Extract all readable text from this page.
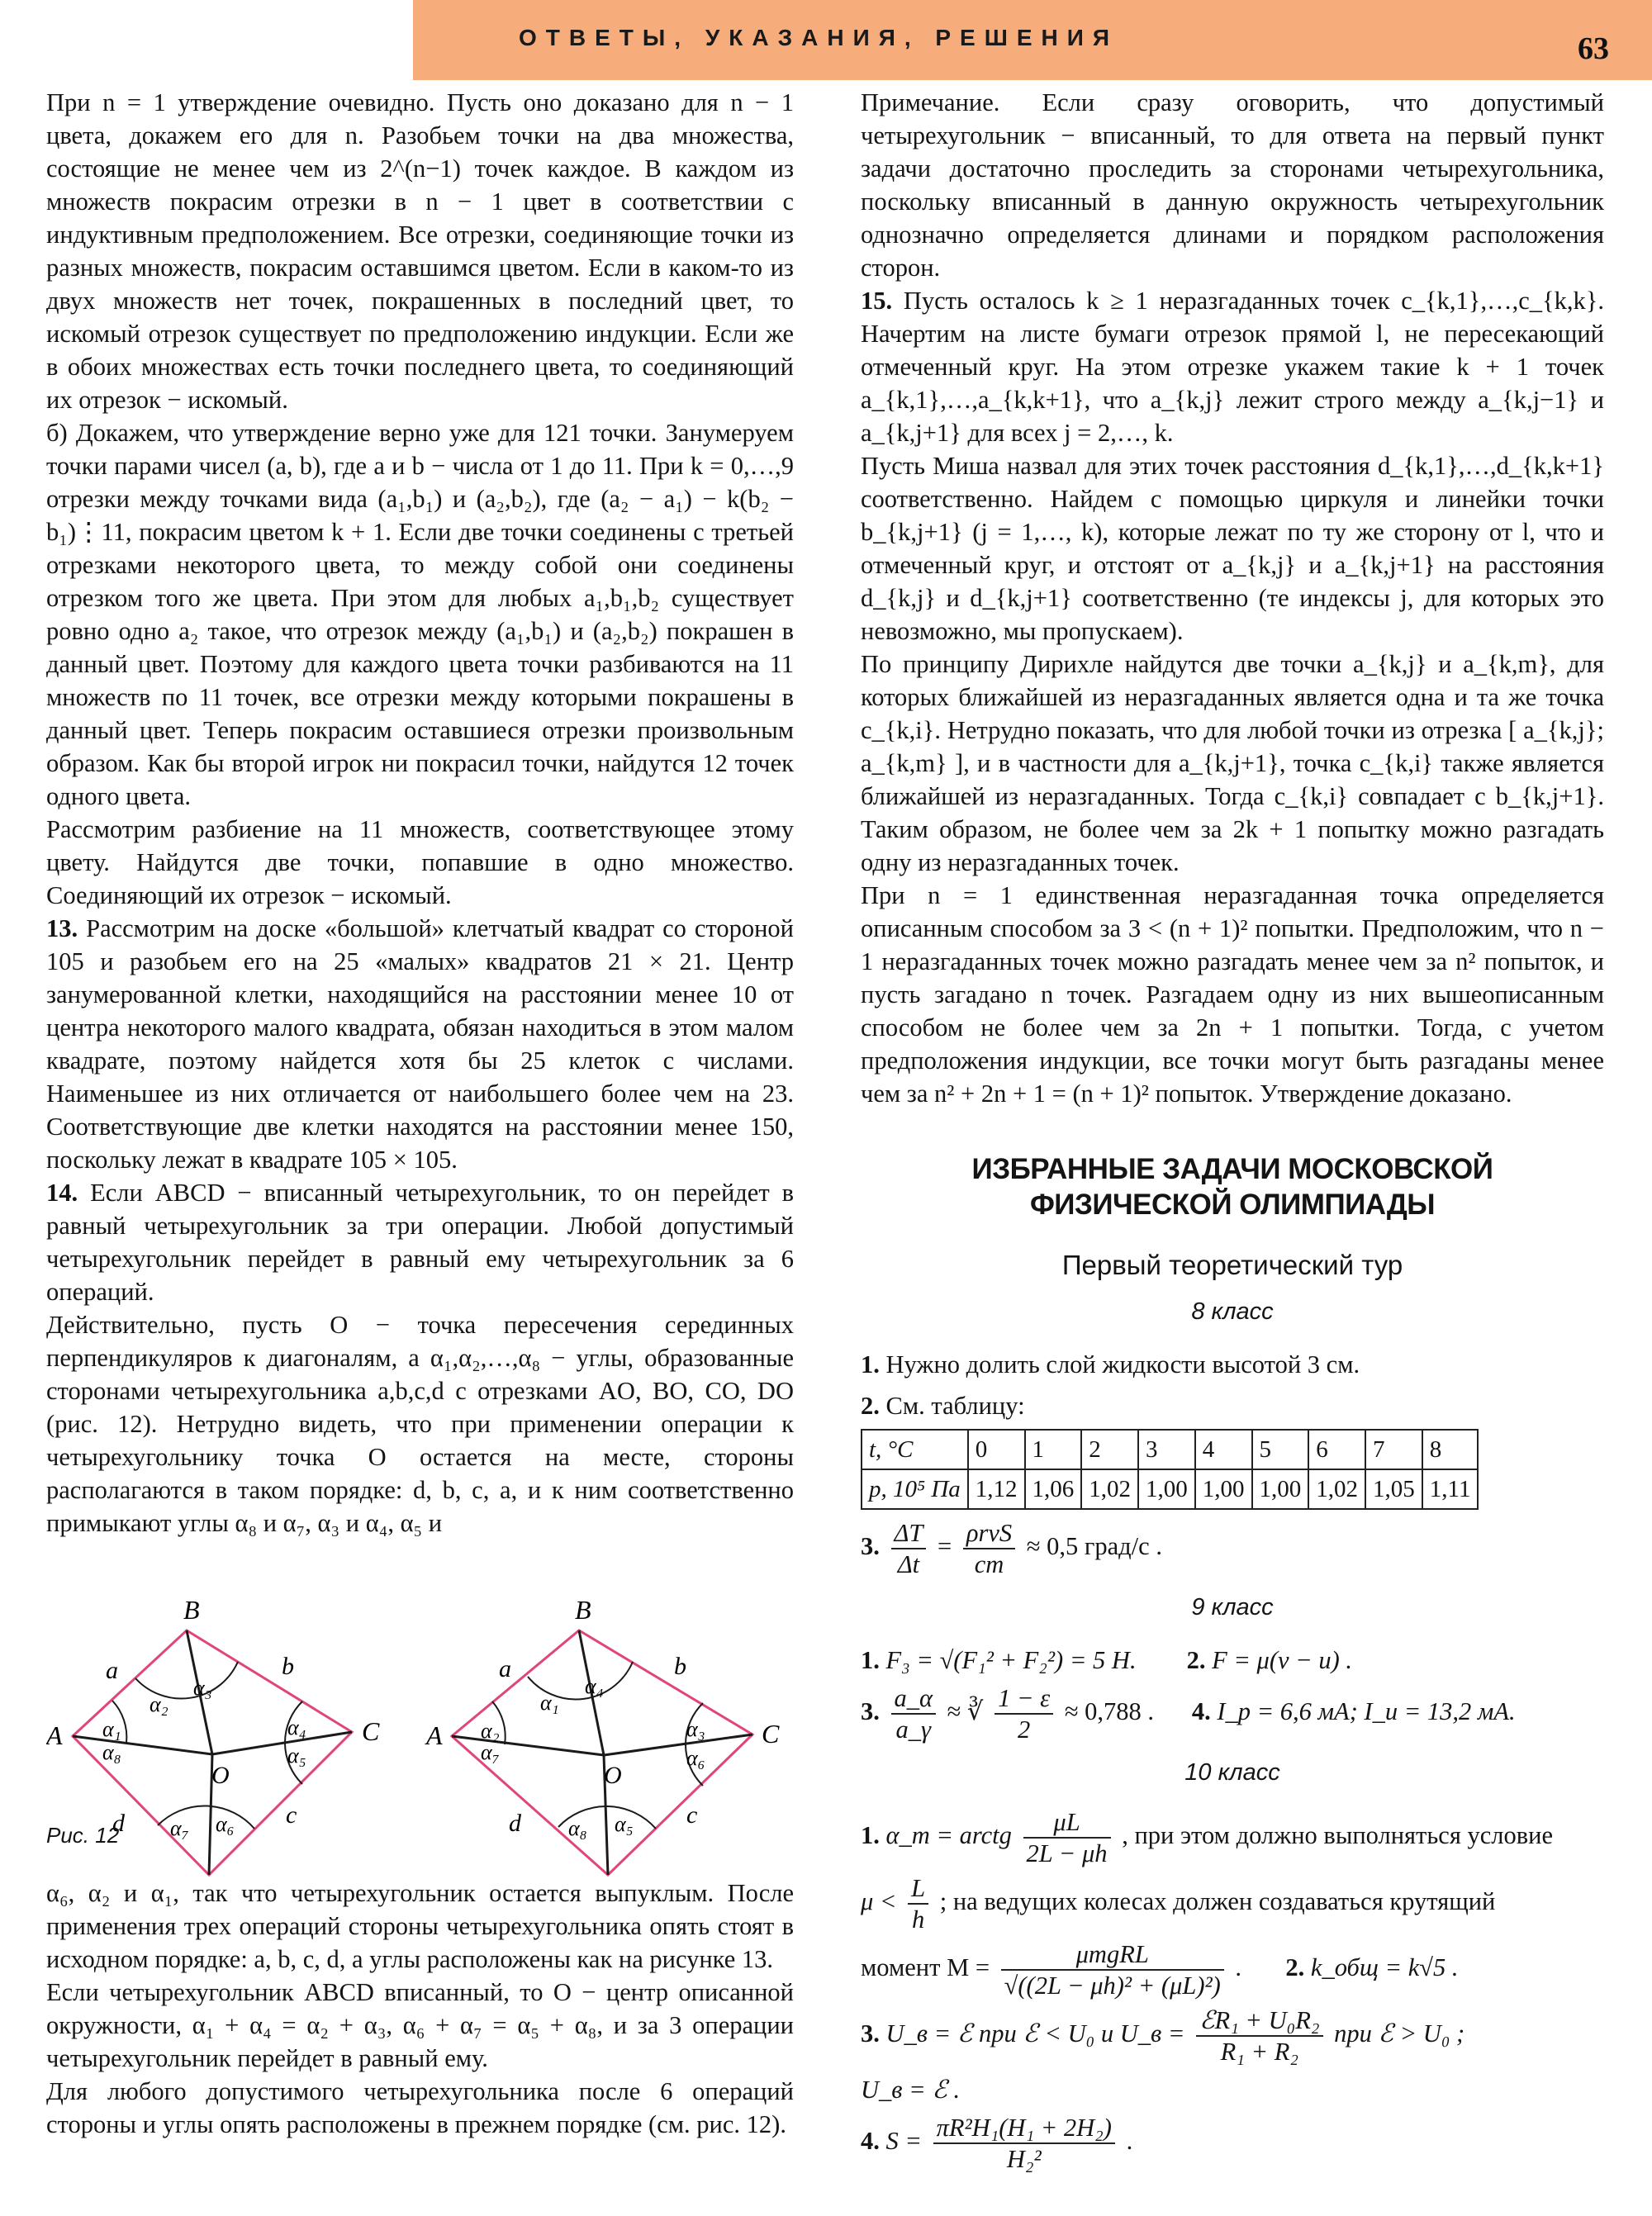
ОТВЕТЫ, УКАЗАНИЯ, РЕШЕНИЯ	63

При n = 1 утверждение очевидно. Пусть оно доказано для n − 1 цвета, докажем его для n. Разобьем точки на два множества, состоящие не менее чем из 2^(n−1) точек каждое. В каждом из множеств покрасим отрезки в n − 1 цвет в соответствии с индуктивным предположением. Все отрезки, соединяющие точки из разных множеств, покрасим оставшимся цветом. Если в каком-то из двух множеств нет точек, покрашенных в последний цвет, то искомый отрезок существует по предположению индукции. Если же в обоих множествах есть точки последнего цвета, то соединяющий их отрезок − искомый.

б) Докажем, что утверждение верно уже для 121 точки. Занумеруем точки парами чисел (a, b), где a и b − числа от 1 до 11. При k = 0,…,9 отрезки между точками вида (a₁,b₁) и (a₂,b₂), где (a₂ − a₁) − k(b₂ − b₁)⋮11, покрасим цветом k + 1. Если две точки соединены с третьей отрезками некоторого цвета, то между собой они соединены отрезком того же цвета. При этом для любых a₁,b₁,b₂ существует ровно одно a₂ такое, что отрезок между (a₁,b₁) и (a₂,b₂) покрашен в данный цвет. Поэтому для каждого цвета точки разбиваются на 11 множеств по 11 точек, все отрезки между которыми покрашены в данный цвет. Теперь покрасим оставшиеся отрезки произвольным образом. Как бы второй игрок ни покрасил точки, найдутся 12 точек одного цвета.

Рассмотрим разбиение на 11 множеств, соответствующее этому цвету. Найдутся две точки, попавшие в одно множество. Соединяющий их отрезок − искомый.

13. Рассмотрим на доске «большой» клетчатый квадрат со стороной 105 и разобьем его на 25 «малых» квадратов 21 × 21. Центр занумерованной клетки, находящийся на расстоянии менее 10 от центра некоторого малого квадрата, обязан находиться в этом малом квадрате, поэтому найдется хотя бы 25 клеток с числами. Наименьшее из них отличается от наибольшего более чем на 23. Соответствующие две клетки находятся на расстоянии менее 150, поскольку лежат в квадрате 105 × 105.

14. Если ABCD − вписанный четырехугольник, то он перейдет в равный четырехугольник за три операции. Любой допустимый четырехугольник перейдет в равный ему четырехугольник за 6 операций.

Действительно, пусть O − точка пересечения серединных перпендикуляров к диагоналям, а α₁,α₂,…,α₈ − углы, образованные сторонами четырехугольника a,b,c,d с отрезками AO, BO, CO, DO (рис. 12). Нетрудно видеть, что при применении операции к четырехугольнику точка O остается на месте, стороны располагаются в таком порядке: d, b, c, a, и к ним соответственно примыкают углы α₈ и α₇, α₃ и α₄, α₅ и

B
A	C
O
a	b
c
d
α₁
α₂
α₃
α₄
α₅
α₆
α₇
α₈
B
A	C
O
a	b
c
d
α₂
α₁
α₄
α₃
α₆
α₅
α₈
α₇
Рис. 12

α₆, α₂ и α₁, так что четырехугольник остается выпуклым. После применения трех операций стороны четырехугольника опять стоят в исходном порядке: a, b, c, d, а углы расположены как на рисунке 13.

Если четырехугольник ABCD вписанный, то O − центр описанной окружности, α₁ + α₄ = α₂ + α₃, α₆ + α₇ = α₅ + α₈, и за 3 операции четырехугольник перейдет в равный ему.

Для любого допустимого четырехугольника после 6 операций стороны и углы опять расположены в прежнем порядке (см. рис. 12).

Примечание. Если сразу оговорить, что допустимый четырехугольник − вписанный, то для ответа на первый пункт задачи достаточно проследить за сторонами четырехугольника, поскольку вписанный в данную окружность четырехугольник однозначно определяется длинами и порядком расположения сторон.

15. Пусть осталось k ≥ 1 неразгаданных точек c_{k,1},…,c_{k,k}. Начертим на листе бумаги отрезок прямой l, не пересекающий отмеченный круг. На этом отрезке укажем такие k + 1 точек a_{k,1},…,a_{k,k+1}, что a_{k,j} лежит строго между a_{k,j−1} и a_{k,j+1} для всех j = 2,…, k.

Пусть Миша назвал для этих точек расстояния d_{k,1},…,d_{k,k+1} соответственно. Найдем с помощью циркуля и линейки точки b_{k,j+1} (j = 1,…, k), которые лежат по ту же сторону от l, что и отмеченный круг, и отстоят от a_{k,j} и a_{k,j+1} на расстояния d_{k,j} и d_{k,j+1} соответственно (те индексы j, для которых это невозможно, мы пропускаем).

По принципу Дирихле найдутся две точки a_{k,j} и a_{k,m}, для которых ближайшей из неразгаданных является одна и та же точка c_{k,i}. Нетрудно показать, что для любой точки из отрезка [ a_{k,j}; a_{k,m} ], и в частности для a_{k,j+1}, точка c_{k,i} также является ближайшей из неразгаданных. Тогда c_{k,i} совпадает с b_{k,j+1}. Таким образом, не более чем за 2k + 1 попытку можно разгадать одну из неразгаданных точек.

При n = 1 единственная неразгаданная точка определяется описанным способом за 3 < (n + 1)² попытки. Предположим, что n − 1 неразгаданных точек можно разгадать менее чем за n² попыток, и пусть загадано n точек. Разгадаем одну из них вышеописанным способом не более чем за 2n + 1 попытки. Тогда, с учетом предположения индукции, все точки могут быть разгаданы менее чем за n² + 2n + 1 = (n + 1)² попыток. Утверждение доказано.

ИЗБРАННЫЕ ЗАДАЧИ МОСКОВСКОЙ
ФИЗИЧЕСКОЙ ОЛИМПИАДЫ
Первый теоретический тур
8 класс
1. Нужно долить слой жидкости высотой 3 см.
2. См. таблицу:
t, °C	0	1	2	3	4	5	6	7	8
p, 10⁵ Па	1,12	1,06	1,02	1,00	1,00	1,00	1,02	1,05	1,11
3. $\frac{\Delta T}{\Delta t} = \frac{\text{ρrvS}}{cm} \approx 0,5$ град/с .
9 класс
1. F₃ = √(F₁² + F₂²) = 5 Н. 2. F = μ(v − u) .
3. $\frac{a\_\alpha}{a\_\gamma}$ ≈ ∛ $\frac{1 - \varepsilon}{2} \approx 0,788$ . 4. I_р = 6,6 мА; I_и = 13,2 мА.
10 класс
1. α_m = arctg $\frac{\mu L}{2L - \mu h}$ , при этом должно выполняться условие
$\mu < \frac{L}{h}$ ; на ведущих колесах должен создаваться крутящий
момент $M = \frac{\text{μmgRL}}{\text{√((2L − μh)² + (μL)²)}}$ .       2. k_общ = k√5 .
3. U_в = ℰ при ℰ < U₀ и U_в = $\frac{\text{ℰR₁ + U₀R₂}}{\text{R₁ + R₂}}$ при ℰ > U₀ ;
U_в = ℰ .
4. $S = \frac{\text{πR²H₁(H₁ + 2H₂)}}{\text{H₂²}}$ .
